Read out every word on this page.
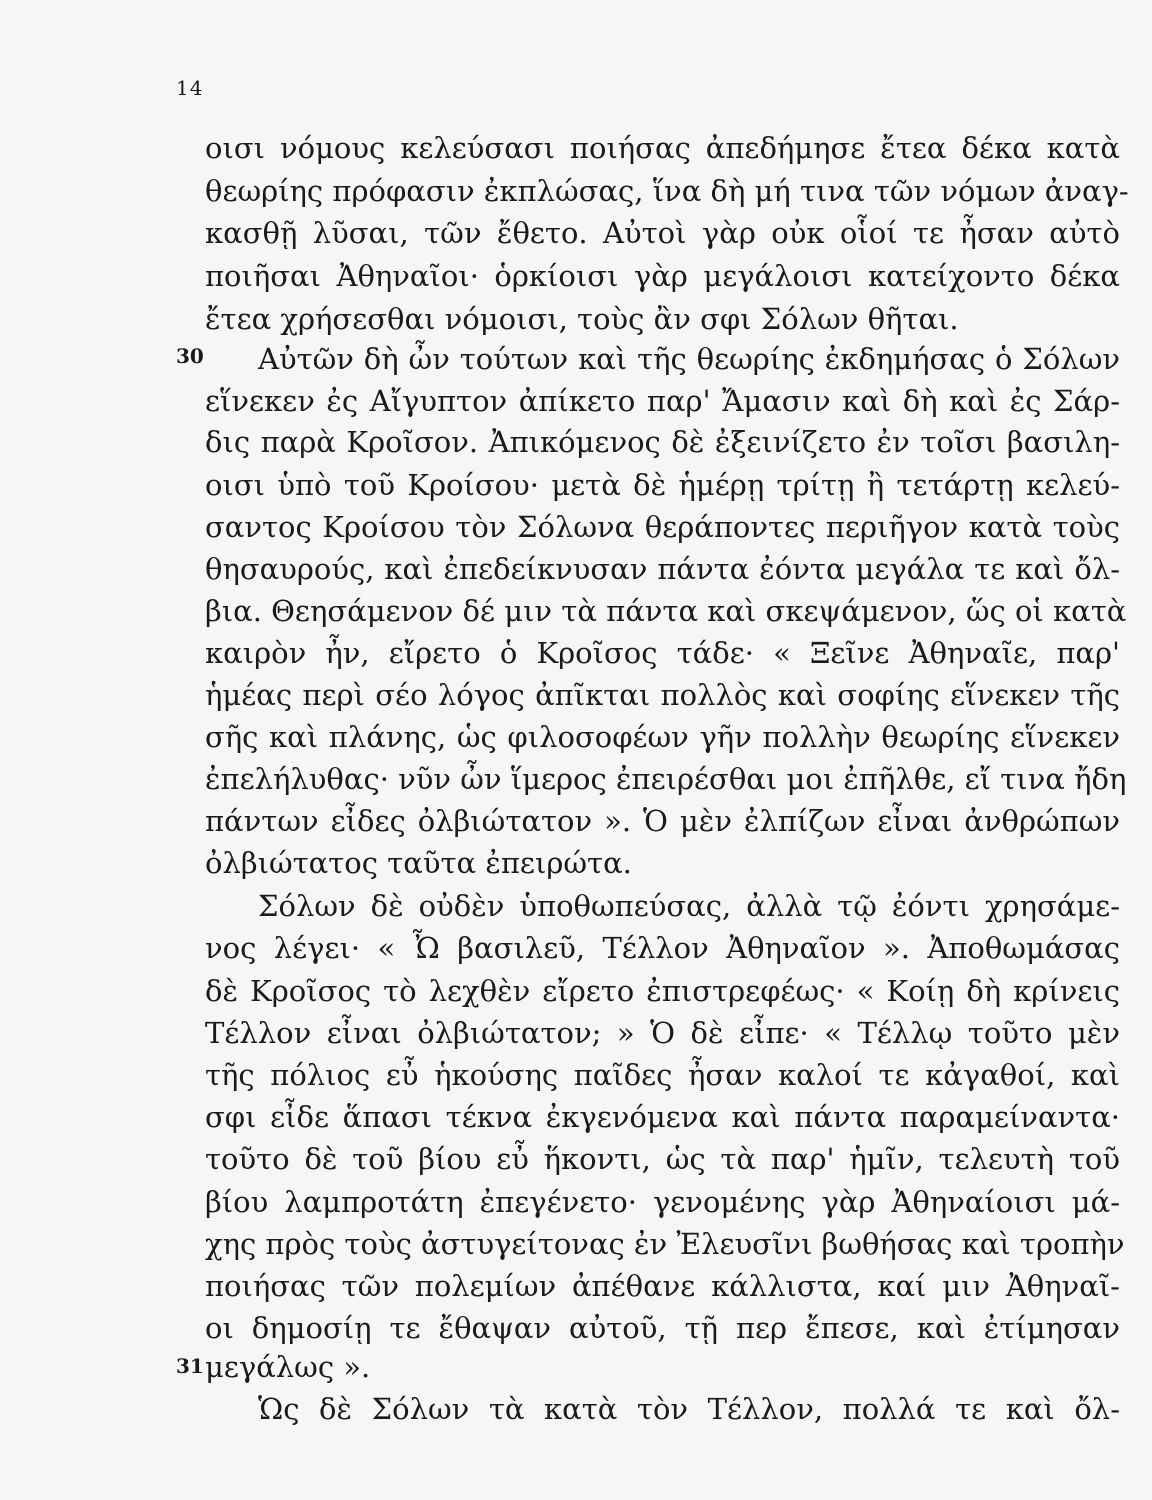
14
30
31
οισι νόμους κελεύσασι ποιήσας ἀπεδήμησε ἔτεα δέκα κατὰ
θεωρίης πρόφασιν ἐκπλώσας, ἵνα δὴ μή τινα τῶν νόμων ἀναγ-
κασθῇ λῦσαι, τῶν ἔθετο. Αὐτοὶ γὰρ οὐκ οἷοί τε ἦσαν αὐτὸ
ποιῆσαι Ἀθηναῖοι· ὁρκίοισι γὰρ μεγάλοισι κατείχοντο δέκα
ἔτεα χρήσεσθαι νόμοισι, τοὺς ἂν σφι Σόλων θῆται.
Αὐτῶν δὴ ὦν τούτων καὶ τῆς θεωρίης ἐκδημήσας ὁ Σόλων
εἵνεκεν ἐς Αἴγυπτον ἀπίκετο παρ' Ἄμασιν καὶ δὴ καὶ ἐς Σάρ-
δις παρὰ Κροῖσον. Ἀπικόμενος δὲ ἐξεινίζετο ἐν τοῖσι βασιλη-
οισι ὑπὸ τοῦ Κροίσου· μετὰ δὲ ἡμέρῃ τρίτῃ ἢ τετάρτῃ κελεύ-
σαντος Κροίσου τὸν Σόλωνα θεράποντες περιῆγον κατὰ τοὺς
θησαυρούς, καὶ ἐπεδείκνυσαν πάντα ἐόντα μεγάλα τε καὶ ὄλ-
βια. Θεησάμενον δέ μιν τὰ πάντα καὶ σκεψάμενον, ὥς οἱ κατὰ
καιρὸν ἦν, εἴρετο ὁ Κροῖσος τάδε· « Ξεῖνε Ἀθηναῖε, παρ'
ἡμέας περὶ σέο λόγος ἀπῖκται πολλὸς καὶ σοφίης εἵνεκεν τῆς
σῆς καὶ πλάνης, ὡς φιλοσοφέων γῆν πολλὴν θεωρίης εἵνεκεν
ἐπελήλυθας· νῦν ὦν ἵμερος ἐπειρέσθαι μοι ἐπῆλθε, εἴ τινα ἤδη
πάντων εἶδες ὀλβιώτατον ». Ὁ μὲν ἐλπίζων εἶναι ἀνθρώπων
ὀλβιώτατος ταῦτα ἐπειρώτα.
Σόλων δὲ οὐδὲν ὑποθωπεύσας, ἀλλὰ τῷ ἐόντι χρησάμε-
νος λέγει· « Ὦ βασιλεῦ, Τέλλον Ἀθηναῖον ». Ἀποθωμάσας
δὲ Κροῖσος τὸ λεχθὲν εἴρετο ἐπιστρεφέως· « Κοίῃ δὴ κρίνεις
Τέλλον εἶναι ὀλβιώτατον; » Ὁ δὲ εἶπε· « Τέλλῳ τοῦτο μὲν
τῆς πόλιος εὖ ἡκούσης παῖδες ἦσαν καλοί τε κἀγαθοί, καὶ
σφι εἶδε ἅπασι τέκνα ἐκγενόμενα καὶ πάντα παραμείναντα·
τοῦτο δὲ τοῦ βίου εὖ ἥκοντι, ὡς τὰ παρ' ἡμῖν, τελευτὴ τοῦ
βίου λαμπροτάτη ἐπεγένετο· γενομένης γὰρ Ἀθηναίοισι μά-
χης πρὸς τοὺς ἀστυγείτονας ἐν Ἐλευσῖνι βωθήσας καὶ τροπὴν
ποιήσας τῶν πολεμίων ἀπέθανε κάλλιστα, καί μιν Ἀθηναῖ-
οι δημοσίῃ τε ἔθαψαν αὐτοῦ, τῇ περ ἔπεσε, καὶ ἐτίμησαν
μεγάλως ».
Ὡς δὲ Σόλων τὰ κατὰ τὸν Τέλλον, πολλά τε καὶ ὄλ-
